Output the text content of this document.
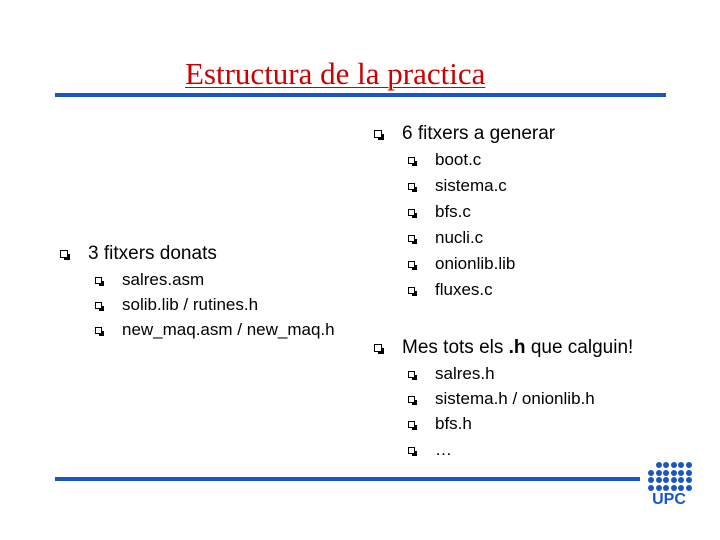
Estructura de la practica
3 fitxers donats
salres.asm
solib.lib / rutines.h
new_maq.asm / new_maq.h
6 fitxers a generar
boot.c
sistema.c
bfs.c
nucli.c
onionlib.lib
fluxes.c
Mes tots els .h que calguin!
salres.h
sistema.h / onionlib.h
bfs.h
…
UPC
